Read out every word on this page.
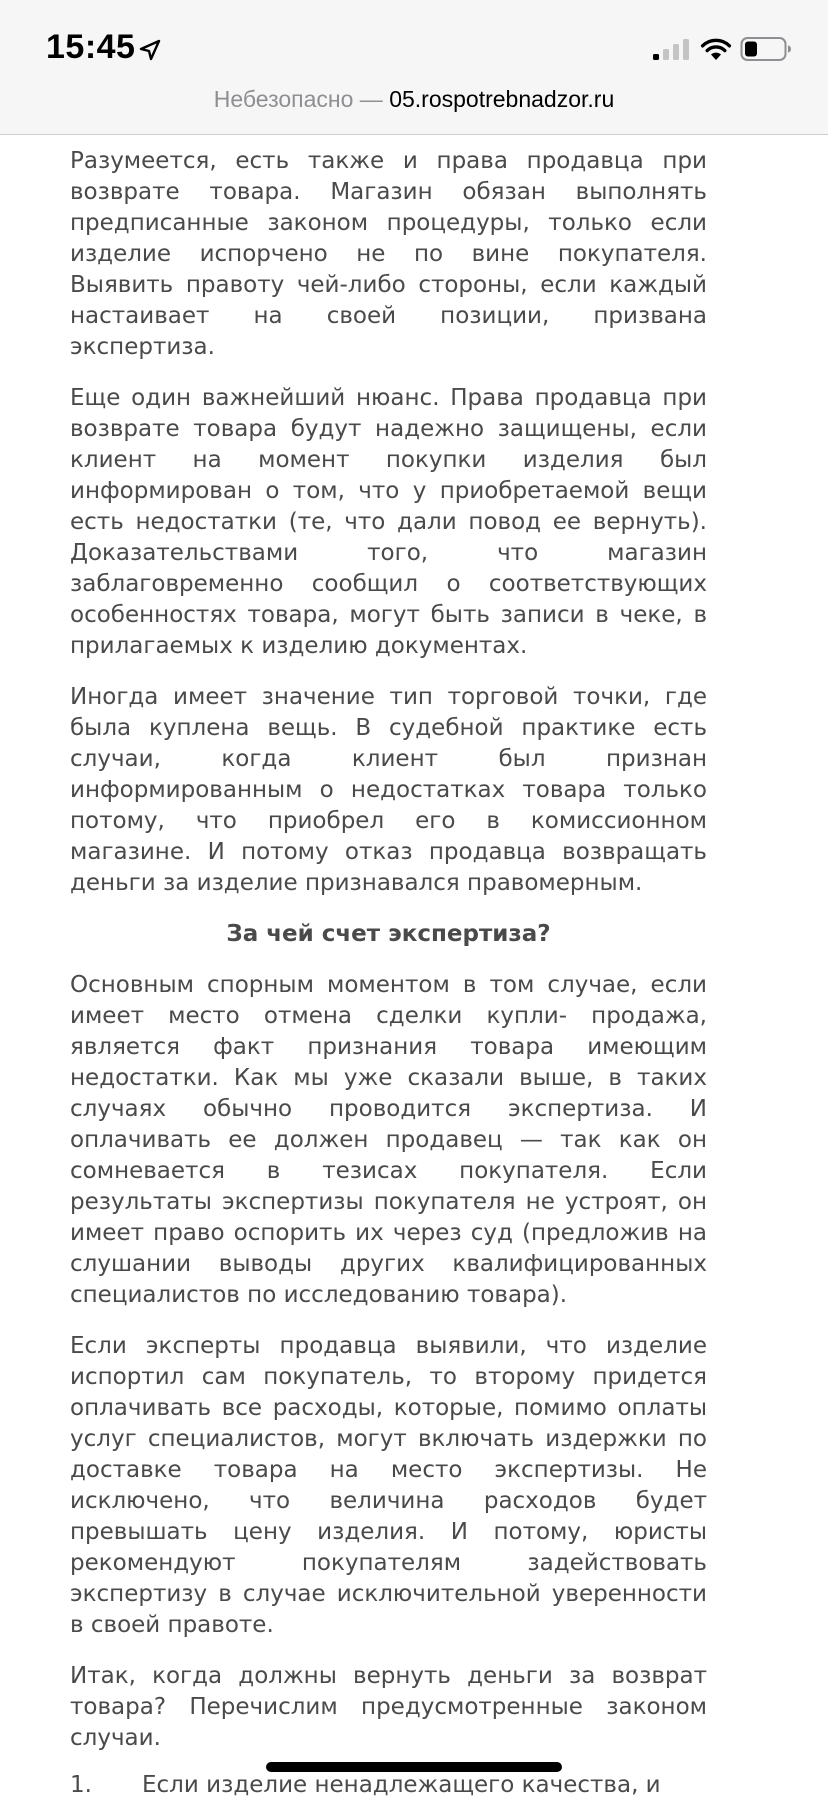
15:45
Небезопасно — 05.rospotrebnadzor.ru

Разумеется, есть также и права продавца при возврате товара. Магазин обязан выполнять предписанные законом процедуры, только если изделие испорчено не по вине покупателя. Выявить правоту чей-либо стороны, если каждый настаивает на своей позиции, призвана экспертиза.

Еще один важнейший нюанс. Права продавца при возврате товара будут надежно защищены, если клиент на момент покупки изделия был информирован о том, что у приобретаемой вещи есть недостатки (те, что дали повод ее вернуть). Доказательствами того, что магазин заблаговременно сообщил о соответствующих особенностях товара, могут быть записи в чеке, в прилагаемых к изделию документах.

Иногда имеет значение тип торговой точки, где была куплена вещь. В судебной практике есть случаи, когда клиент был признан информированным о недостатках товара только потому, что приобрел его в комиссионном магазине. И потому отказ продавца возвращать деньги за изделие признавался правомерным.

За чей счет экспертиза?

Основным спорным моментом в том случае, если имеет место отмена сделки купли- продажа, является факт признания товара имеющим недостатки. Как мы уже сказали выше, в таких случаях обычно проводится экспертиза. И оплачивать ее должен продавец — так как он сомневается в тезисах покупателя. Если результаты экспертизы покупателя не устроят, он имеет право оспорить их через суд (предложив на слушании выводы других квалифицированных специалистов по исследованию товара).

Если эксперты продавца выявили, что изделие испортил сам покупатель, то второму придется оплачивать все расходы, которые, помимо оплаты услуг специалистов, могут включать издержки по доставке товара на место экспертизы. Не исключено, что величина расходов будет превышать цену изделия. И потому, юристы рекомендуют покупателям задействовать экспертизу в случае исключительной уверенности в своей правоте.

Итак, когда должны вернуть деньги за возврат товара? Перечислим предусмотренные законом случаи.

1. Если изделие ненадлежащего качества, и
